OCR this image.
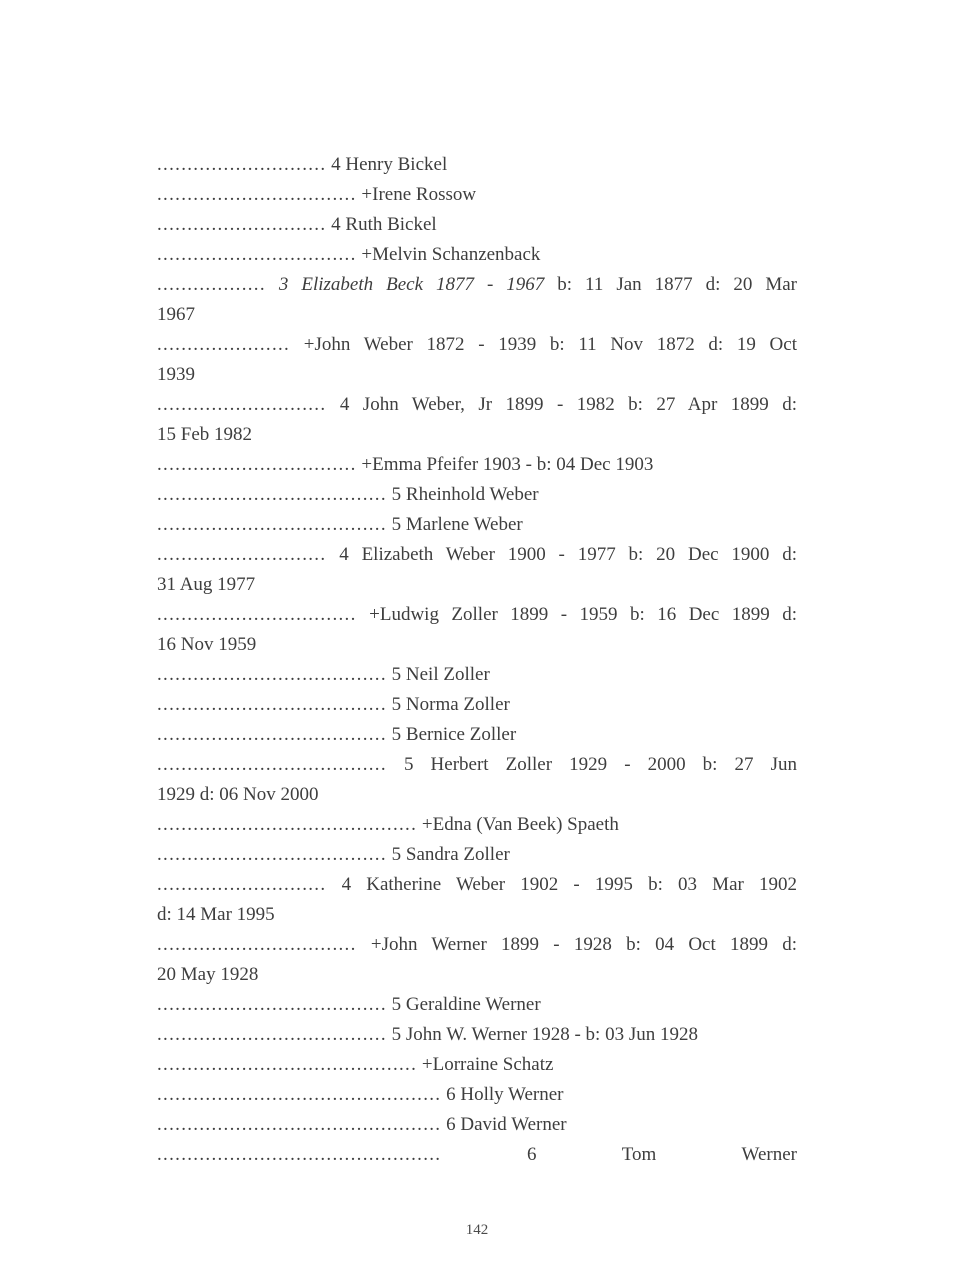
............................ 4 Henry Bickel
................................. +Irene Rossow
............................ 4 Ruth Bickel
................................. +Melvin Schanzenback
.................. 3 Elizabeth Beck 1877 - 1967 b: 11 Jan 1877 d: 20 Mar
1967
...................... +John Weber 1872 - 1939 b: 11 Nov 1872 d: 19 Oct
1939
............................ 4 John Weber, Jr 1899 - 1982 b: 27 Apr 1899 d:
15 Feb 1982
................................. +Emma Pfeifer 1903 - b: 04 Dec 1903
...................................... 5 Rheinhold Weber
...................................... 5 Marlene Weber
............................ 4 Elizabeth Weber 1900 - 1977 b: 20 Dec 1900 d:
31 Aug 1977
................................. +Ludwig Zoller 1899 - 1959 b: 16 Dec 1899 d:
16 Nov 1959
...................................... 5 Neil Zoller
...................................... 5 Norma Zoller
...................................... 5 Bernice Zoller
...................................... 5 Herbert Zoller 1929 - 2000 b: 27 Jun
1929 d: 06 Nov 2000
........................................... +Edna (Van Beek) Spaeth
...................................... 5 Sandra Zoller
............................ 4 Katherine Weber 1902 - 1995 b: 03 Mar 1902
d: 14 Mar 1995
................................. +John Werner 1899 - 1928 b: 04 Oct 1899 d:
20 May 1928
...................................... 5 Geraldine Werner
...................................... 5 John W. Werner 1928 - b: 03 Jun 1928
........................................... +Lorraine Schatz
............................................... 6 Holly Werner
............................................... 6 David Werner
...............................................	6 Tom Werner
142
